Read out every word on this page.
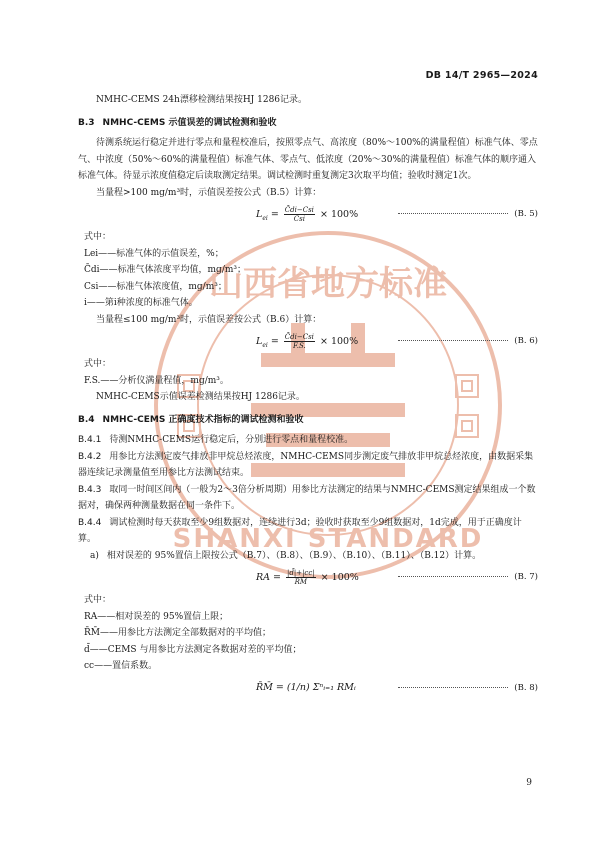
DB 14/T 2965—2024
山西省地方标准
SHANXI STANDARD

NMHC-CEMS 24h漂移检测结果按HJ 1286记录。

B.3 NMHC-CEMS 示值误差的调试检测和验收

待测系统运行稳定并进行零点和量程校准后，按照零点气、高浓度（80%～100%的满量程值）标准气体、零点气、中浓度（50%～60%的满量程值）标准气体、零点气、低浓度（20%～30%的满量程值）标准气体的顺序通入标准气体。待显示浓度值稳定后读取测定结果。调试检测时重复测定3次取平均值；验收时测定1次。

当量程>100 mg/m³时，示值误差按公式（B.5）计算：

$L_{ei} = \frac{\text{C̄di−Csi}}{\text{Csi}} \times 100\%$	(B. 5)

式中：

Lei——标准气体的示值误差，%；

C̄di——标准气体浓度平均值，mg/m³；

Csi——标准气体浓度值，mg/m³；

i——第i种浓度的标准气体。

当量程≤100 mg/m³时，示值误差按公式（B.6）计算：

$L_{ei} = \frac{\text{C̄di−Csi}}{F.S.} \times 100\%$	(B. 6)

式中：

F.S.——分析仪满量程值，mg/m³。

NMHC-CEMS示值误差检测结果按HJ 1286记录。

B.4 NMHC-CEMS 正确度技术指标的调试检测和验收

B.4.1 待测NMHC-CEMS运行稳定后，分别进行零点和量程校准。

B.4.2 用参比方法测定废气排放非甲烷总烃浓度，NMHC-CEMS同步测定废气排放非甲烷总烃浓度，由数据采集器连续记录测量值至用参比方法测试结束。

B.4.3 取同一时间区间内（一般为2～3倍分析周期）用参比方法测定的结果与NMHC-CEMS测定结果组成一个数据对，确保两种测量数据在同一条件下。

B.4.4 调试检测时每天获取至少9组数据对，连续进行3d；验收时获取至少9组数据对，1d完成，用于正确度计算。

a) 相对误差的 95%置信上限按公式（B.7）、（B.8）、（B.9）、（B.10）、（B.11）、（B.12）计算。

RA = $\frac{|d̄|+|cc|}{R̄M̄} \times 100\%$	(B. 7)

式中：

RA——相对误差的 95%置信上限；

R̄M̄——用参比方法测定全部数据对的平均值；

d̄——CEMS 与用参比方法测定各数据对差的平均值；

cc——置信系数。

R̄M̄ = (1/n) Σⁿᵢ₌₁ RMᵢ	(B. 8)
9
